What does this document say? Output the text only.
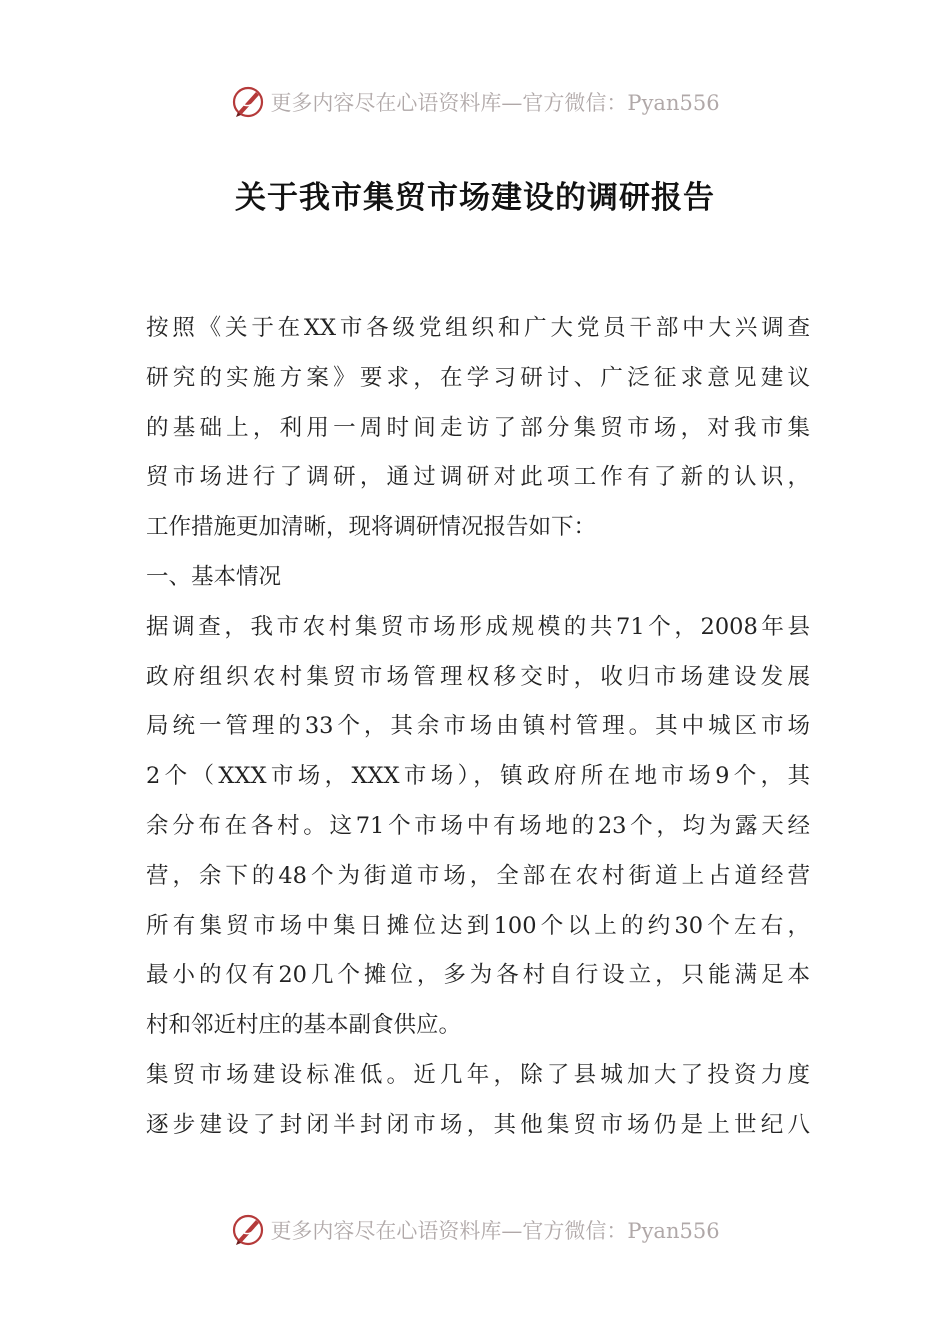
更多内容尽在心语资料库—官方微信：Pyan556
关于我市集贸市场建设的调研报告
按照《关于在XX市各级党组织和广大党员干部中大兴调查
研究的实施方案》要求，在学习研讨、广泛征求意见建议
的基础上，利用一周时间走访了部分集贸市场，对我市集
贸市场进行了调研，通过调研对此项工作有了新的认识，
工作措施更加清晰，现将调研情况报告如下：
一、基本情况
据调查，我市农村集贸市场形成规模的共71个，2008年县
政府组织农村集贸市场管理权移交时，收归市场建设发展
局统一管理的33个，其余市场由镇村管理。其中城区市场
2个（XXX市场，XXX市场），镇政府所在地市场9个，其
余分布在各村。这71个市场中有场地的23个，均为露天经
营，余下的48个为街道市场，全部在农村街道上占道经营
所有集贸市场中集日摊位达到100个以上的约30个左右，
最小的仅有20几个摊位，多为各村自行设立，只能满足本
村和邻近村庄的基本副食供应。
集贸市场建设标准低。近几年，除了县城加大了投资力度
逐步建设了封闭半封闭市场，其他集贸市场仍是上世纪八
更多内容尽在心语资料库—官方微信：Pyan556
